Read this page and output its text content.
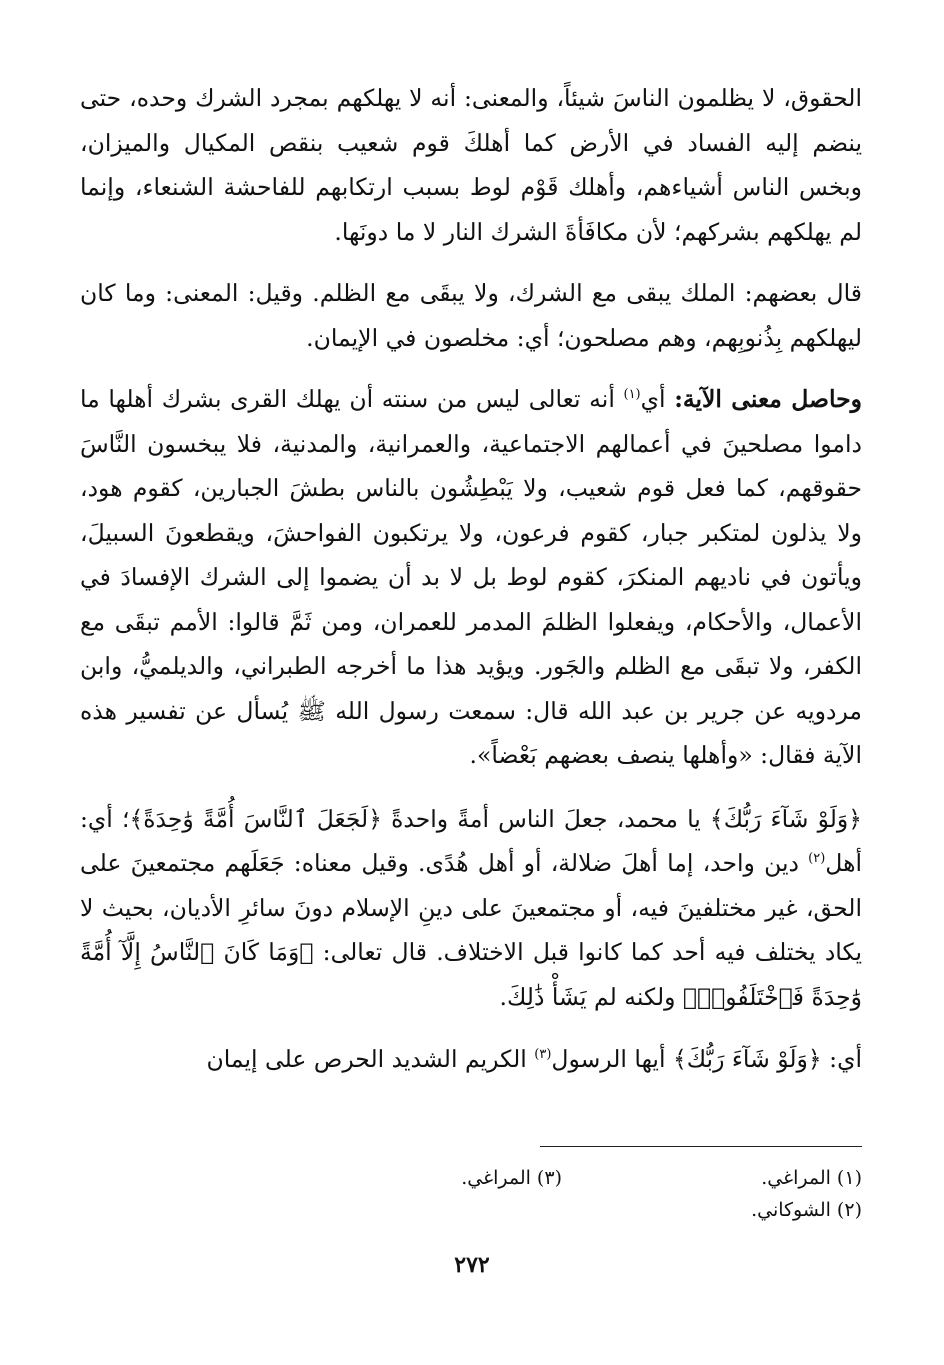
الحقوق، لا يظلمون الناسَ شيئاً، والمعنى: أنه لا يهلكهم بمجرد الشرك وحده، حتى ينضم إليه الفساد في الأرض كما أهلكَ قوم شعيب بنقص المكيال والميزان، وبخس الناس أشياءهم، وأهلك قَوْم لوط بسبب ارتكابهم للفاحشة الشنعاء، وإنما لم يهلكهم بشركهم؛ لأن مكافَأةَ الشرك النار لا ما دونَها.

قال بعضهم: الملك يبقى مع الشرك، ولا يبقَى مع الظلم. وقيل: المعنى: وما كان ليهلكهم بِذُنوبِهم، وهم مصلحون؛ أي: مخلصون في الإيمان.

وحاصل معنى الآية: أي$^{(١)}$ أنه تعالى ليس من سنته أن يهلك القرى بشرك أهلها ما داموا مصلحينَ في أعمالهم الاجتماعية، والعمرانية، والمدنية، فلا يبخسون النَّاسَ حقوقهم، كما فعل قوم شعيب، ولا يَبْطِشُون بالناس بطشَ الجبارين، كقوم هود، ولا يذلون لمتكبر جبار، كقوم فرعون، ولا يرتكبون الفواحشَ، ويقطعونَ السبيلَ، ويأتون في ناديهم المنكرَ، كقوم لوط بل لا بد أن يضموا إلى الشرك الإفسادَ في الأعمال، والأحكام، ويفعلوا الظلمَ المدمر للعمران، ومن ثَمَّ قالوا: الأمم تبقَى مع الكفر، ولا تبقَى مع الظلم والجَور. ويؤيد هذا ما أخرجه الطبراني، والديلميُّ، وابن مردويه عن جرير بن عبد الله قال: سمعت رسول الله ﷺ يُسأل عن تفسير هذه الآية فقال: «وأهلها ينصف بعضهم بَعْضاً».

﴿وَلَوْ شَآءَ رَبُّكَ﴾ يا محمد، جعلَ الناس أمةً واحدةً ﴿لَجَعَلَ ٱلنَّاسَ أُمَّةً وَٰحِدَةً﴾؛ أي: أهل$^{(٢)}$ دين واحد، إما أهلَ ضلالة، أو أهل هُدًى. وقيل معناه: جَعَلَهم مجتمعينَ على الحق، غير مختلفينَ فيه، أو مجتمعينَ على دينِ الإسلام دونَ سائرِ الأديان، بحيث لا يكاد يختلف فيه أحد كما كانوا قبل الاختلاف. قال تعالى: ﴿وَمَا كَانَ ٱلنَّاسُ إِلَّآ أُمَّةً وَٰحِدَةً فَٱخْتَلَفُوا۟﴾ ولكنه لم يَشَأْ ذَٰلِكَ.

أي: ﴿وَلَوْ شَآءَ رَبُّكَ﴾ أيها الرسول$^{(٣)}$ الكريم الشديد الحرص على إيمان

(١) المراغي.
(٣) المراغي.
(٢) الشوكاني.
٢٧٢
